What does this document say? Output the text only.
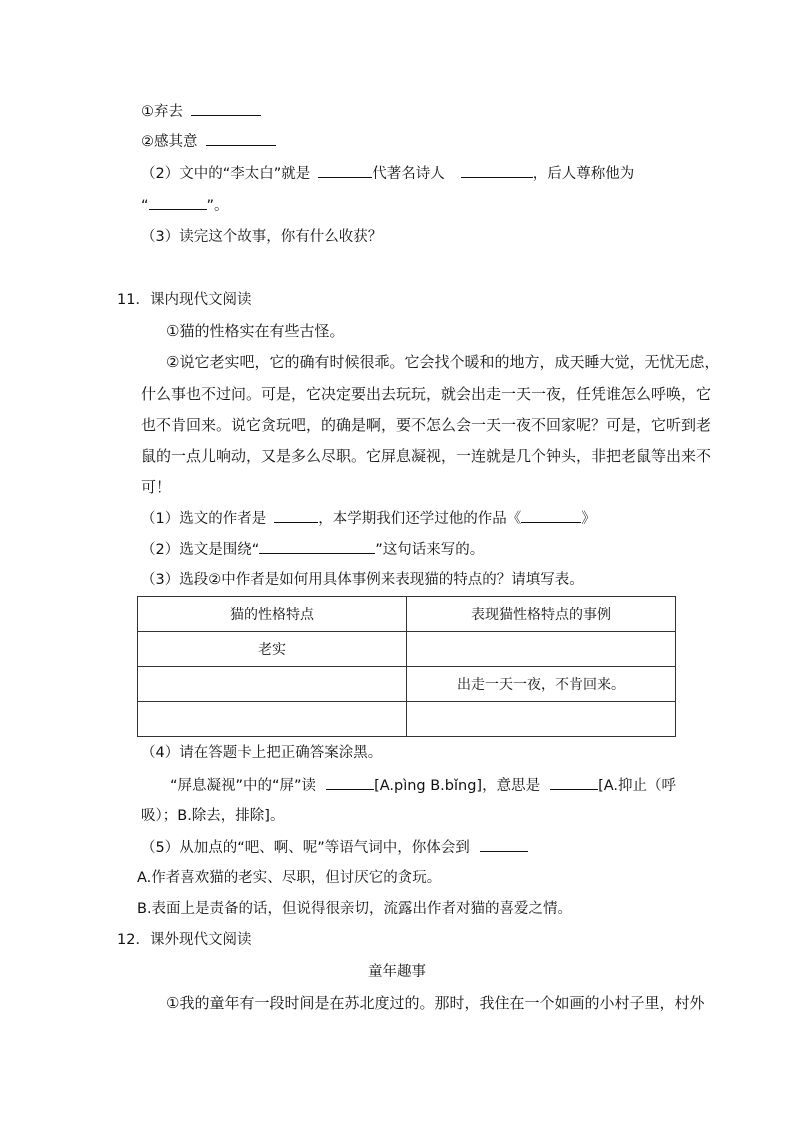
①弃去
②感其意
（2）文中的“李太白”就是	代著名诗人	，后人尊称他为
“	”。
（3）读完这个故事，你有什么收获？
11．课内现代文阅读
①猫的性格实在有些古怪。
②说它老实吧，它的确有时候很乖。它会找个暖和的地方，成天睡大觉，无忧无虑，
什么事也不过问。可是，它决定要出去玩玩，就会出走一天一夜，任凭谁怎么呼唤，它
也不肯回来。说它贪玩吧，的确是啊，要不怎么会一天一夜不回家呢？可是，它听到老
鼠的一点儿响动，又是多么尽职。它屏息凝视，一连就是几个钟头，非把老鼠等出来不
可！
（1）选文的作者是	，本学期我们还学过他的作品《	》
（2）选文是围绕“	”这句话来写的。
（3）选段②中作者是如何用具体事例来表现猫的特点的？请填写表。
猫的性格特点	表现猫性格特点的事例
老实	
	出走一天一夜，不肯回来。

（4）请在答题卡上把正确答案涂黑。
“屏息凝视”中的“屏”读	[A.pìng B.bǐng]，意思是	[A.抑止（呼
吸）；B.除去，排除]。
（5）从加点的“吧、啊、呢”等语气词中，你体会到
A.作者喜欢猫的老实、尽职，但讨厌它的贪玩。
B.表面上是责备的话，但说得很亲切，流露出作者对猫的喜爱之情。
12．课外现代文阅读
童年趣事
①我的童年有一段时间是在苏北度过的。那时，我住在一个如画的小村子里，村外
